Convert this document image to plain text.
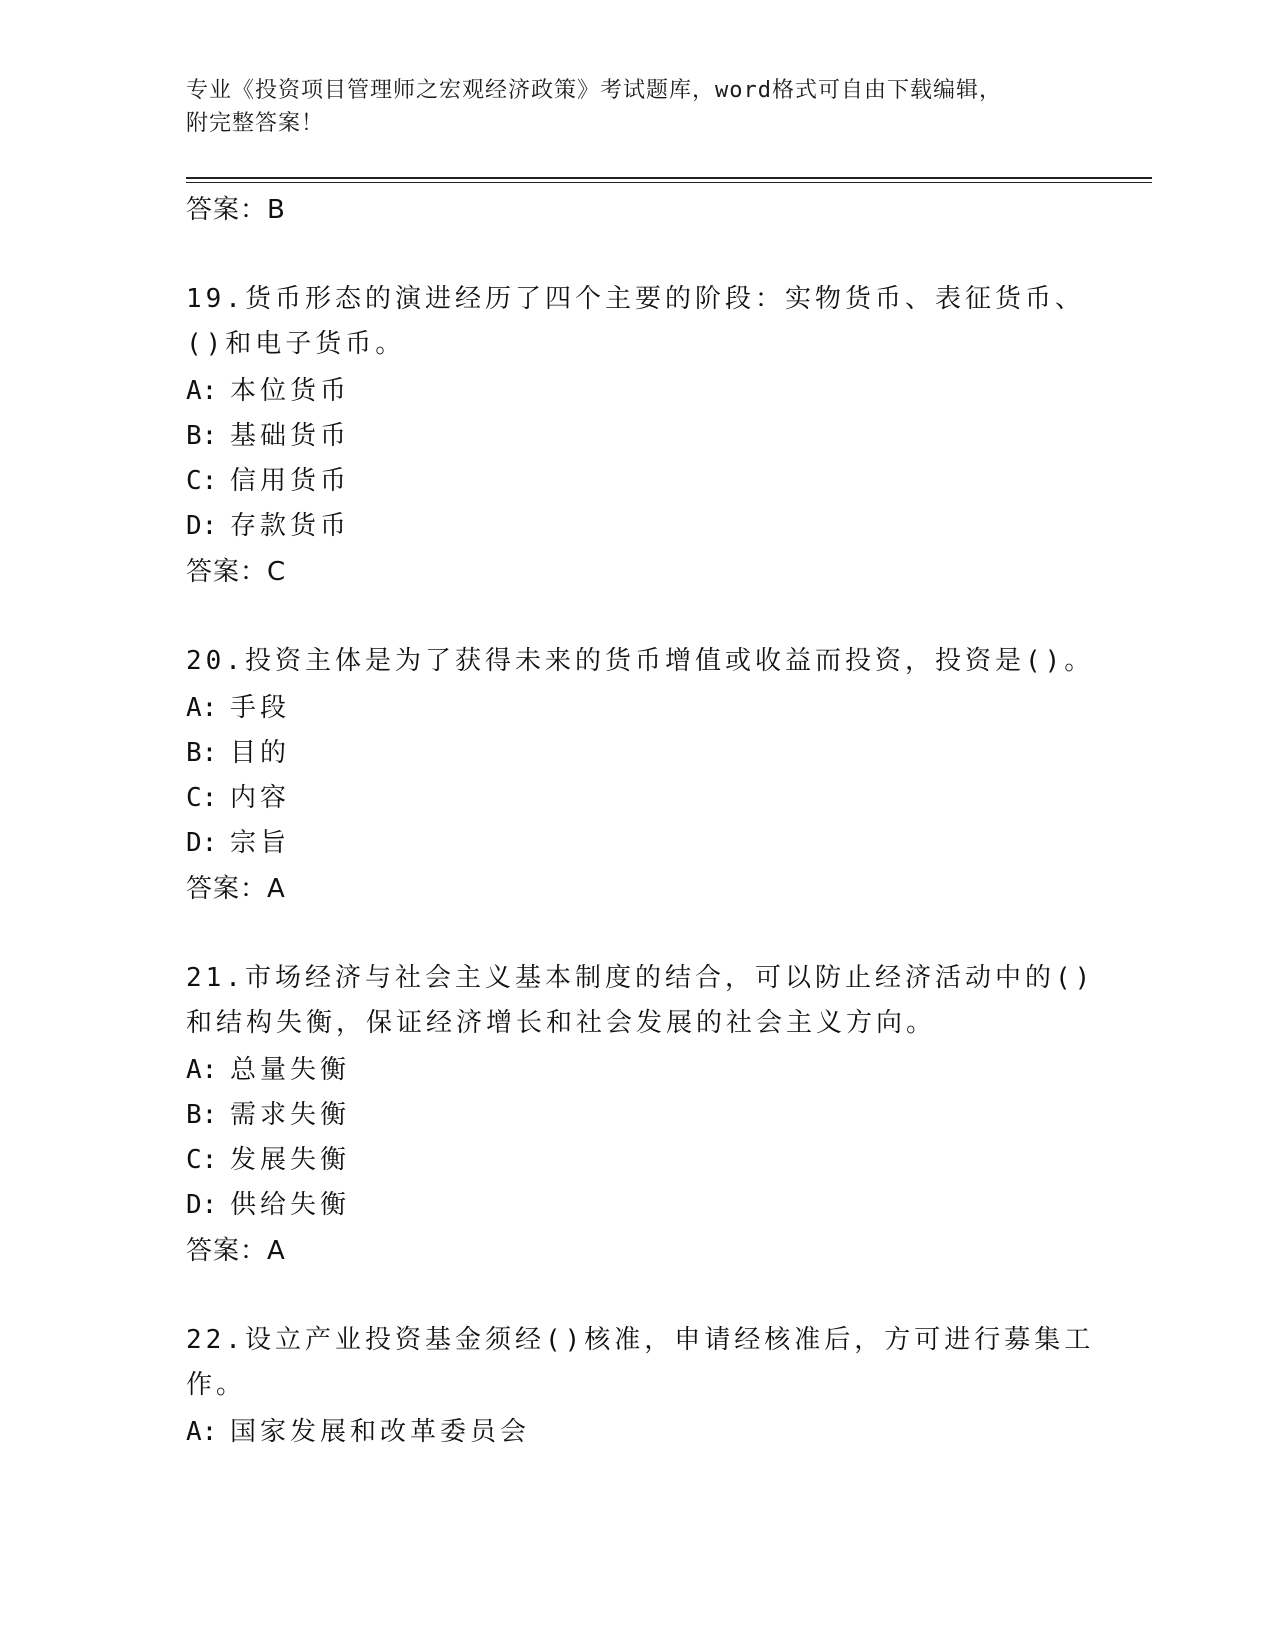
专业《投资项目管理师之宏观经济政策》考试题库，word格式可自由下载编辑，
附完整答案！

答案：B

19.货币形态的演进经历了四个主要的阶段：实物货币、表征货币、()和电子货币。

A: 本位货币

B: 基础货币

C: 信用货币

D: 存款货币

答案：C

20.投资主体是为了获得未来的货币增值或收益而投资，投资是()。

A: 手段

B: 目的

C: 内容

D: 宗旨

答案：A

21.市场经济与社会主义基本制度的结合，可以防止经济活动中的()和结构失衡，保证经济增长和社会发展的社会主义方向。

A: 总量失衡

B: 需求失衡

C: 发展失衡

D: 供给失衡

答案：A

22.设立产业投资基金须经()核准，申请经核准后，方可进行募集工作。

A: 国家发展和改革委员会
